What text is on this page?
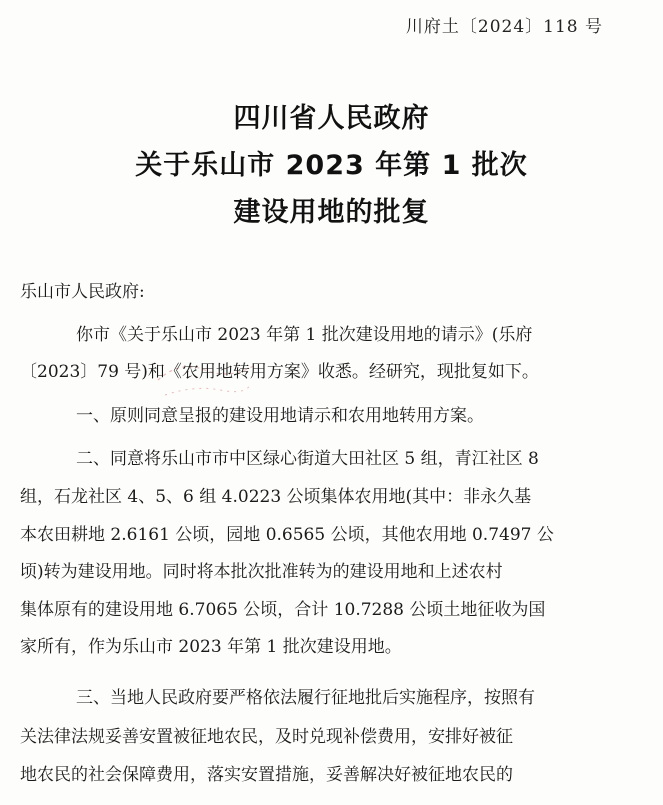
川府土〔2024〕118 号
四川省人民政府
关于乐山市 2023 年第 1 批次
建设用地的批复
乐山市人民政府:
你市《关于乐山市 2023 年第 1 批次建设用地的请示》(乐府
〔2023〕79 号)和《农用地转用方案》收悉。经研究，现批复如下。
一、原则同意呈报的建设用地请示和农用地转用方案。
二、同意将乐山市市中区绿心街道大田社区 5 组，青江社区 8
组，石龙社区 4、5、6 组 4.0223 公顷集体农用地(其中：非永久基
本农田耕地 2.6161 公顷，园地 0.6565 公顷，其他农用地 0.7497 公
顷)转为建设用地。同时将本批次批准转为的建设用地和上述农村
集体原有的建设用地 6.7065 公顷，合计 10.7288 公顷土地征收为国
家所有，作为乐山市 2023 年第 1 批次建设用地。
三、当地人民政府要严格依法履行征地批后实施程序，按照有
关法律法规妥善安置被征地农民，及时兑现补偿费用，安排好被征
地农民的社会保障费用，落实安置措施，妥善解决好被征地农民的
